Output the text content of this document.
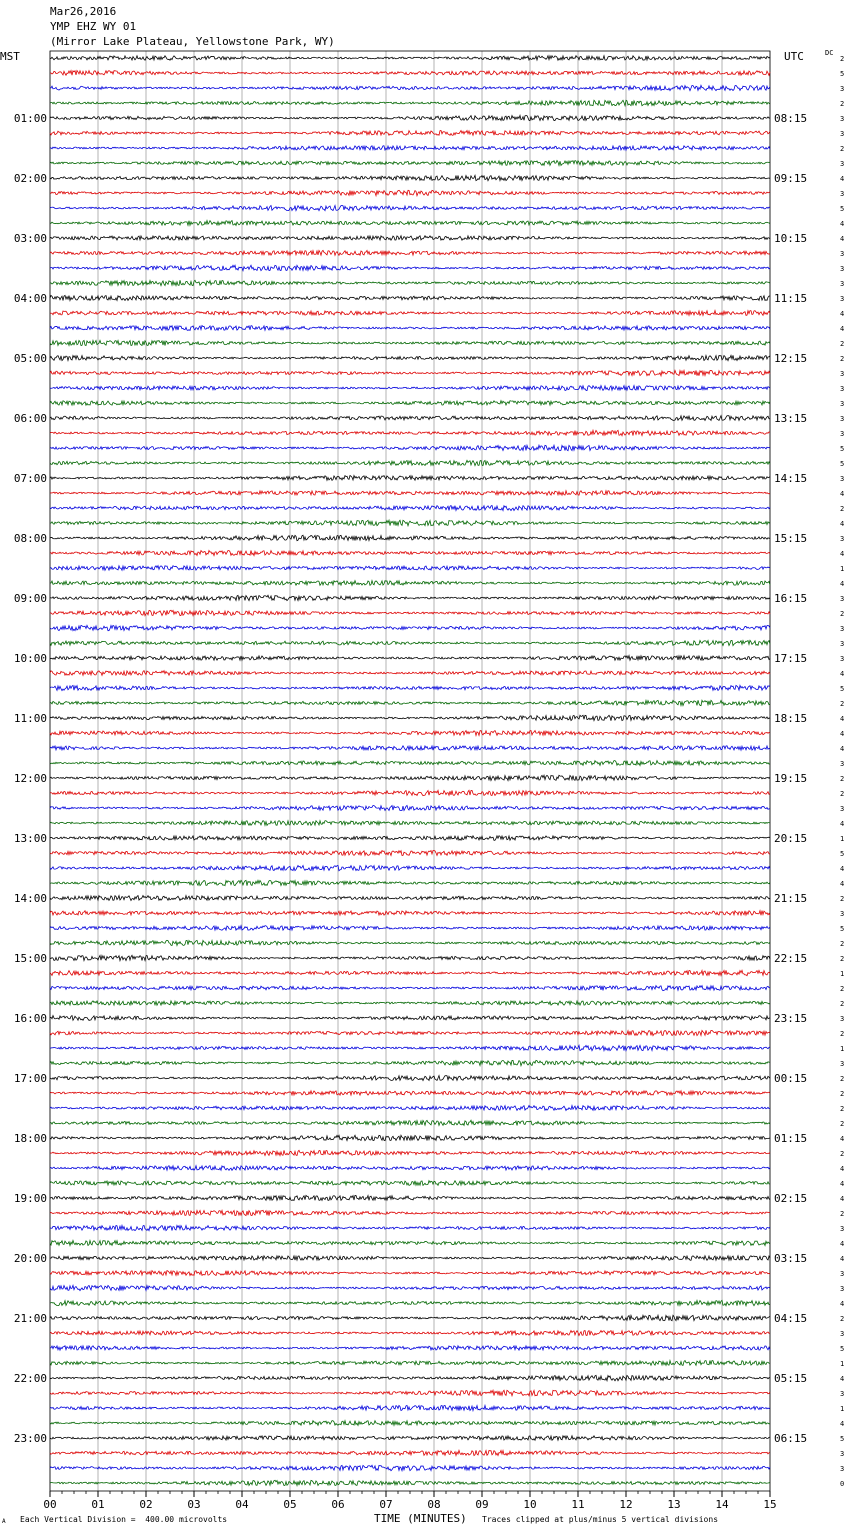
Mar26,2016
YMP EHZ WY 01
(Mirror Lake Plateau, Yellowstone Park, WY)
MST	UTC	DC
2
5
3
2
3
3
2
3
4
3
5
4
4
3
3
3
3
4
4
2
2
3
3
3
3
3
5
5
3
4
2
4
3
4
1
4
3
2
3
3
3
4
5
2
4
4
4
3
2
2
3
4
1
5
4
4
2
3
5
2
2
1
2
2
3
2
1
3
2
2
2
2
4
2
4
4
4
2
3
4
4
3
3
4
2
3
5
1
4
3
1
4
5
3
3
0
01:00
02:00
03:00
04:00
05:00
06:00
07:00
08:00
09:00
10:00
11:00
12:00
13:00
14:00
15:00
16:00
17:00
18:00
19:00
20:00
21:00
22:00
23:00
08:15
09:15
10:15
11:15
12:15
13:15
14:15
15:15
16:15
17:15
18:15
19:15
20:15
21:15
22:15
23:15
00:15
01:15
02:15
03:15
04:15
05:15
06:15
00	01	02	03	04	05	06	07	08	09	10	11	12	13	14	15
A Each Vertical Division =  400.00 microvolts	TIME (MINUTES) Traces clipped at plus/minus 5 vertical divisions
